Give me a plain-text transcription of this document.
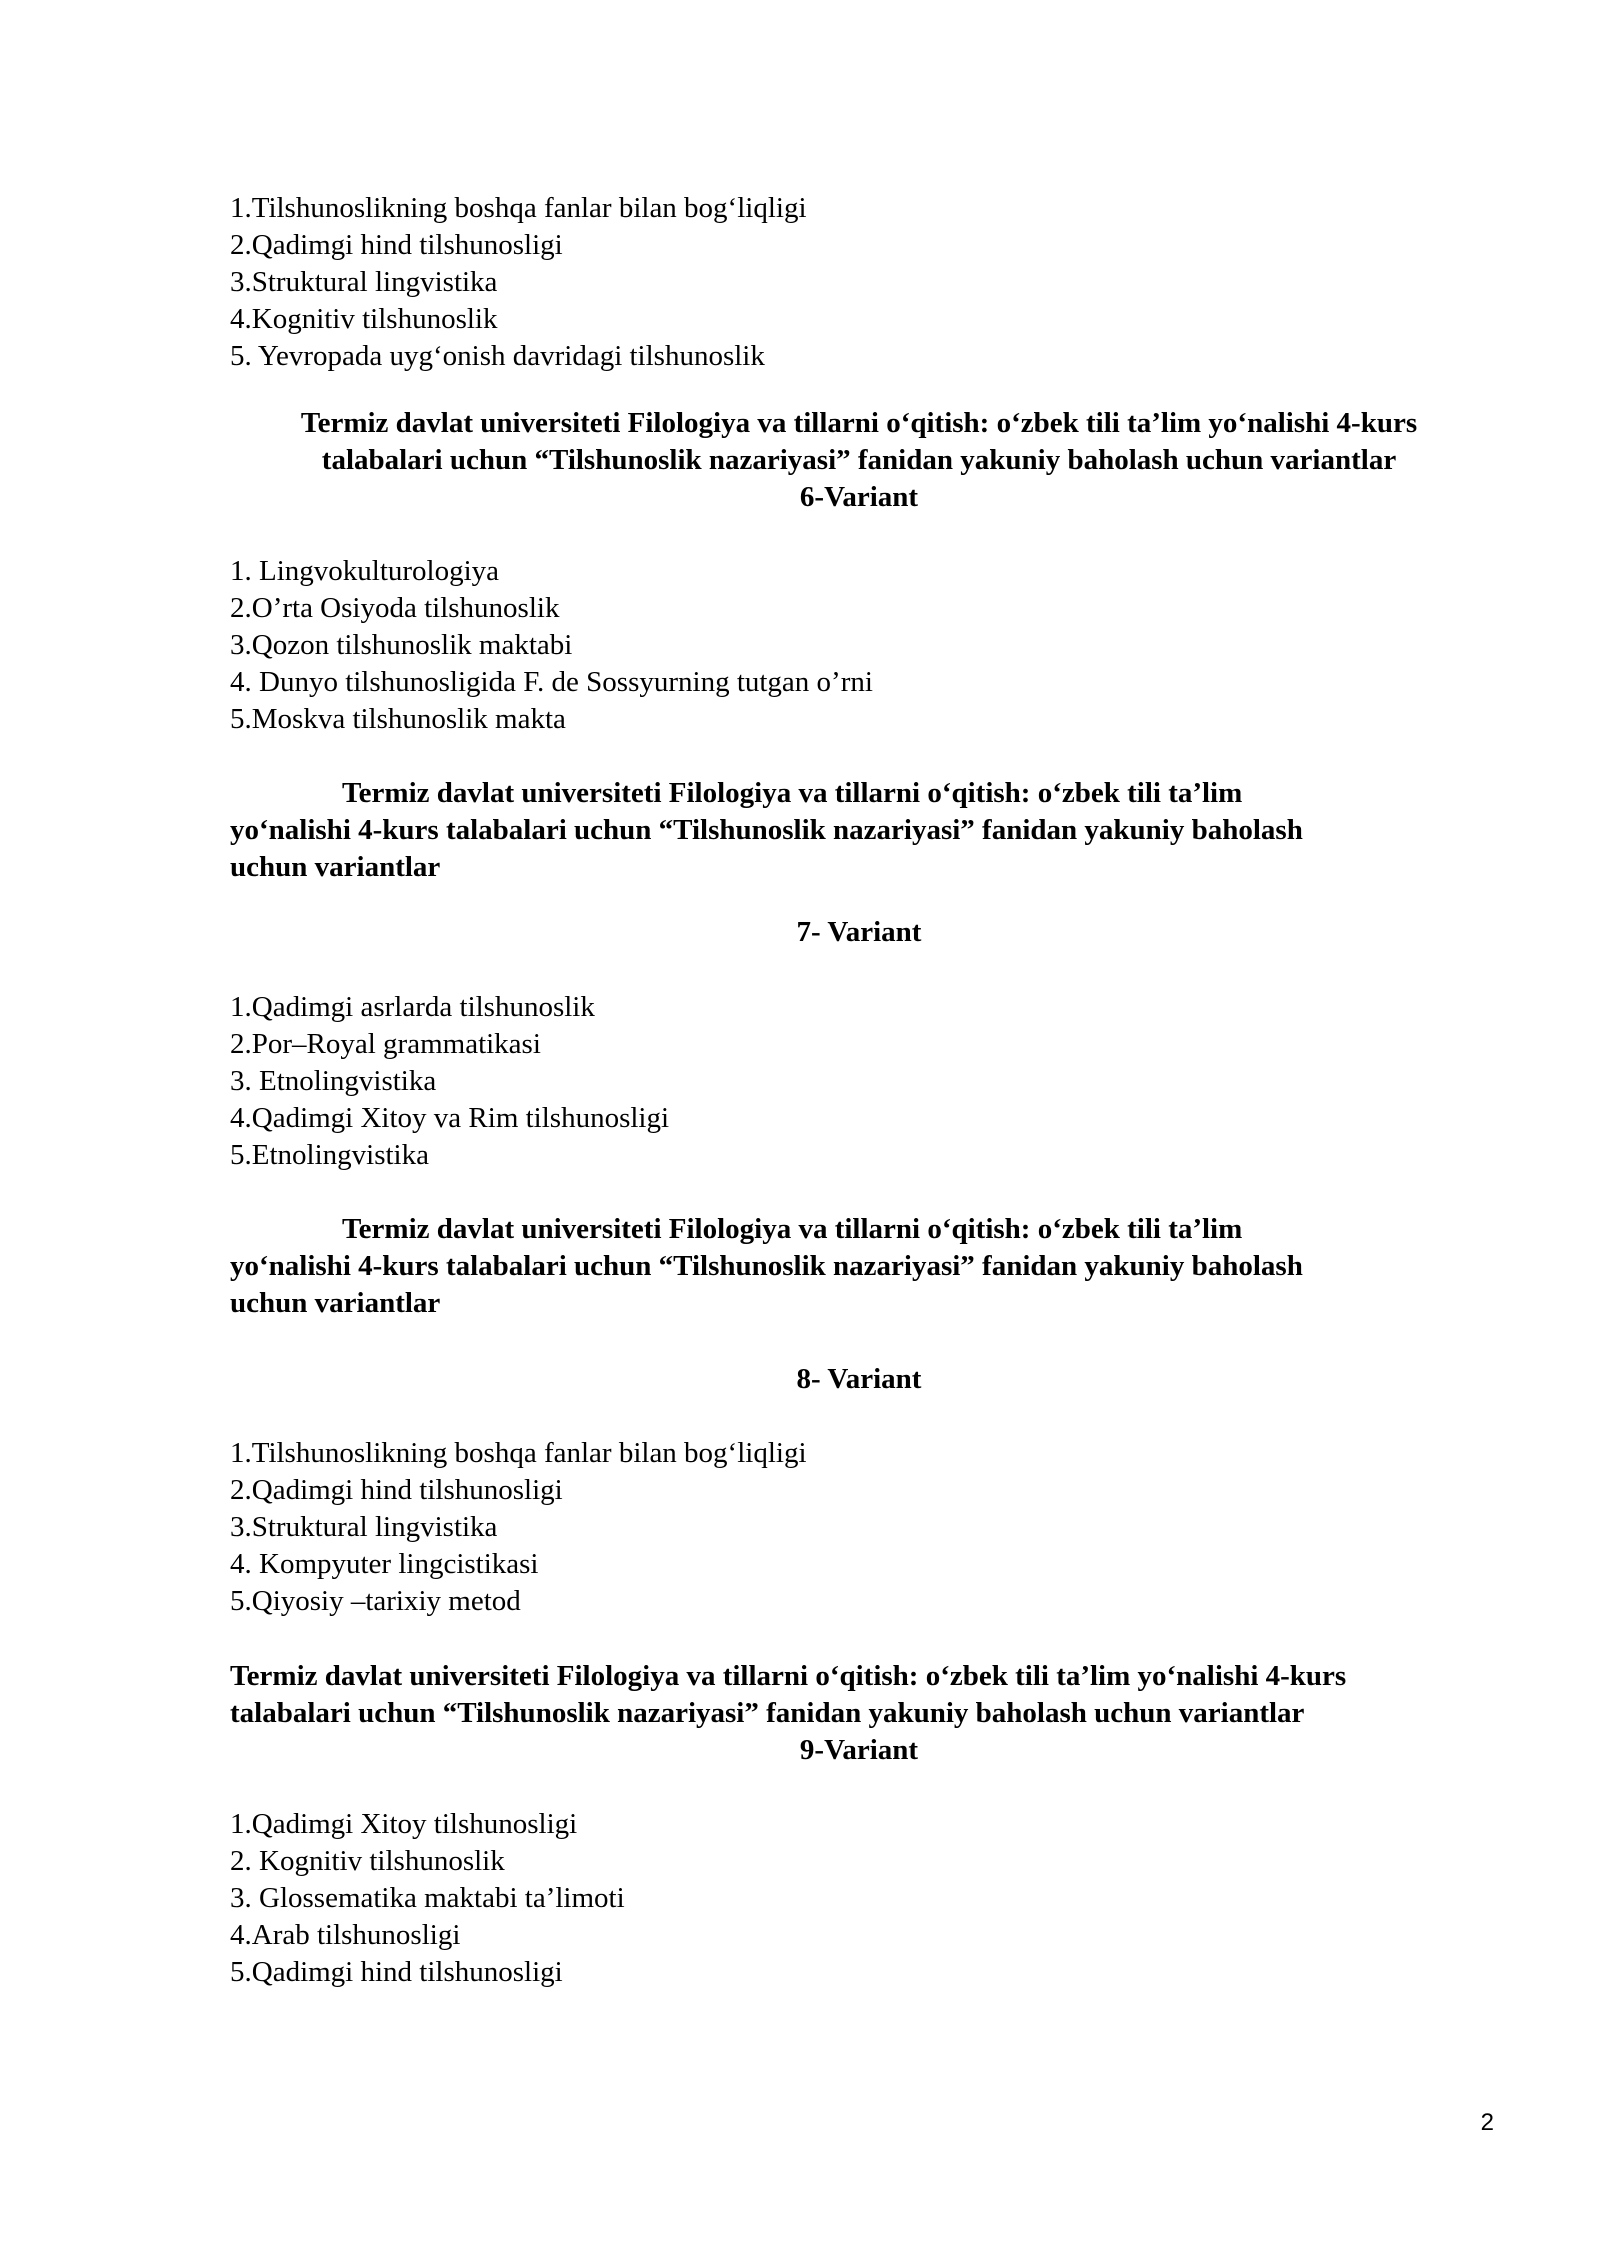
1.Tilshunoslikning boshqa fanlar bilan bog‘liqligi

2.Qadimgi hind tilshunosligi

3.Struktural lingvistika

4.Kognitiv tilshunoslik

5. Yevropada uyg‘onish davridagi tilshunoslik

Termiz davlat universiteti Filologiya va tillarni o‘qitish: o‘zbek tili ta’lim yo‘nalishi 4-kurs
talabalari uchun “Tilshunoslik nazariyasi” fanidan yakuniy baholash uchun variantlar

6-Variant

1. Lingvokulturologiya

2.O’rta Osiyoda tilshunoslik

3.Qozon tilshunoslik maktabi

4. Dunyo tilshunosligida F. de Sossyurning tutgan o’rni

5.Moskva tilshunoslik makta

Termiz davlat universiteti Filologiya va tillarni o‘qitish: o‘zbek tili ta’lim
yo‘nalishi 4-kurs talabalari uchun “Tilshunoslik nazariyasi” fanidan yakuniy baholash
uchun variantlar

7- Variant

1.Qadimgi asrlarda tilshunoslik

2.Por–Royal grammatikasi

3. Etnolingvistika

4.Qadimgi Xitoy va Rim tilshunosligi

5.Etnolingvistika

Termiz davlat universiteti Filologiya va tillarni o‘qitish: o‘zbek tili ta’lim
yo‘nalishi 4-kurs talabalari uchun “Tilshunoslik nazariyasi” fanidan yakuniy baholash
uchun variantlar

8- Variant

1.Tilshunoslikning boshqa fanlar bilan bog‘liqligi

2.Qadimgi hind tilshunosligi

3.Struktural lingvistika

4. Kompyuter lingcistikasi

5.Qiyosiy –tarixiy metod

Termiz davlat universiteti Filologiya va tillarni o‘qitish: o‘zbek tili ta’lim yo‘nalishi 4-kurs
talabalari uchun “Tilshunoslik nazariyasi” fanidan yakuniy baholash uchun variantlar

9-Variant

1.Qadimgi Xitoy tilshunosligi

2. Kognitiv tilshunoslik

3. Glossematika maktabi ta’limoti

4.Arab tilshunosligi

5.Qadimgi hind tilshunosligi

2
